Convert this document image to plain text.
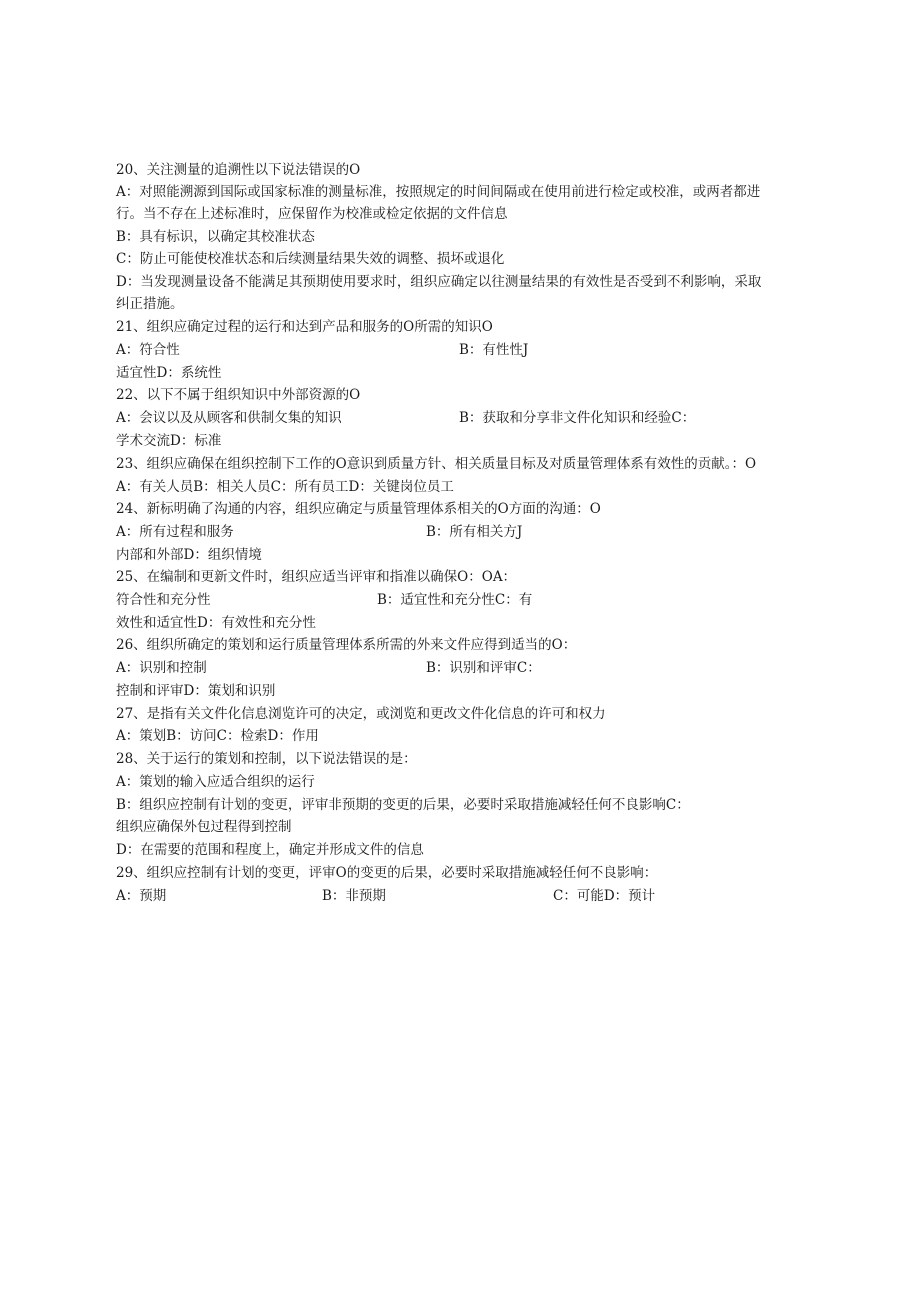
20、关注测量的追溯性以下说法错误的O
A：对照能溯源到国际或国家标准的测量标准，按照规定的时间间隔或在使用前进行检定或校准，或两者都进
行。当不存在上述标准时，应保留作为校准或检定依据的文件信息
B：具有标识，以确定其校准状态
C：防止可能使校准状态和后续测量结果失效的调整、损坏或退化
D：当发现测量设备不能满足其预期使用要求时，组织应确定以往测量结果的有效性是否受到不利影响，采取
纠正措施。
21、组织应确定过程的运行和达到产品和服务的O所需的知识O
A：符合性	B：有性性J
适宜性D：系统性
22、以下不属于组织知识中外部资源的O
A：会议以及从顾客和供制攵集的知识	B：获取和分享非文件化知识和经验C：
学术交流D：标准
23、组织应确保在组织控制下工作的O意识到质量方针、相关质量目标及对质量管理体系有效性的贡献。：O
A：有关人员B：相关人员C：所有员工D：关键岗位员工
24、新标明确了沟通的内容，组织应确定与质量管理体系相关的O方面的沟通：O
A：所有过程和服务	B：所有相关方J
内部和外部D：组织情境
25、在编制和更新文件时，组织应适当评审和指准以确保O：OA：
符合性和充分性	B：适宜性和充分性C：有
效性和适宜性D：有效性和充分性
26、组织所确定的策划和运行质量管理体系所需的外来文件应得到适当的O：
A：识别和控制	B：识别和评审C：
控制和评审D：策划和识别
27、是指有关文件化信息浏览许可的决定，或浏览和更改文件化信息的许可和权力
A：策划B：访问C：检索D：作用
28、关于运行的策划和控制，以下说法错误的是：
A：策划的输入应适合组织的运行
B：组织应控制有计划的变更，评审非预期的变更的后果，必要时采取措施减轻任何不良影响C：
组织应确保外包过程得到控制
D：在需要的范围和程度上，确定并形成文件的信息
29、组织应控制有计划的变更，评审O的变更的后果，必要时采取措施减轻任何不良影响：
A：预期	B：非预期	C：可能D：预计
